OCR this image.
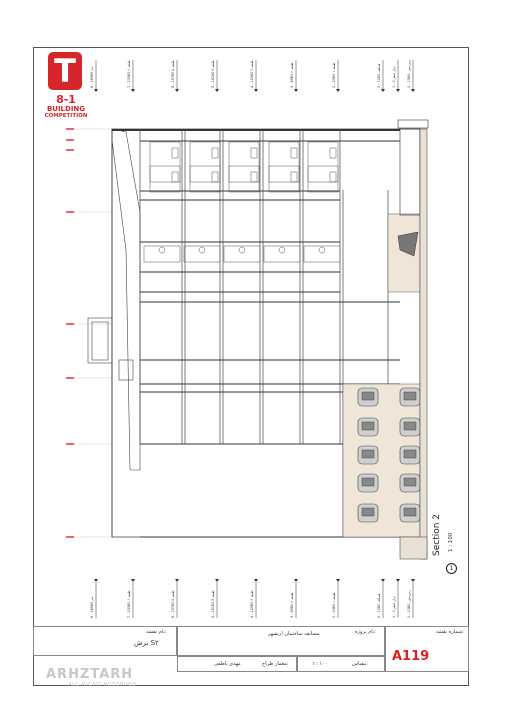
T
8-1
BUILDING
COMPETITION
6 - بام 26980
7 - طبقه ۶ 23380
6 - طبقه ۵ 19780
5 - طبقه ۴ 16180
4 - طبقه ۳ 12580
3 - طبقه ۲ 8980
2 - طبقه ۱ 5380
2 - همکف 1280
1 - تراز صفر 0
0 - زیرزمین -1580
6 - بام 26980
7 - طبقه ۶ 23380
6 - طبقه ۵ 19780
5 - طبقه ۴ 16180
4 - طبقه ۳ 12580
3 - طبقه ۲ 8980
2 - طبقه ۱ 5380
2 - همکف 1280
1 - تراز صفر 0
0 - زیرزمین -1580
Section 2 1 : 100
1
نام نقشه:
برش S۲
نام پروژه:
مسابقه ساختمان ارتشهر
معمار طراح:
مهدی ناطقی	مقیاس:
۱ : ۱۰۰
شماره نقشه:
A119
ARHZTARH
ALL RIGHT RESERVED
